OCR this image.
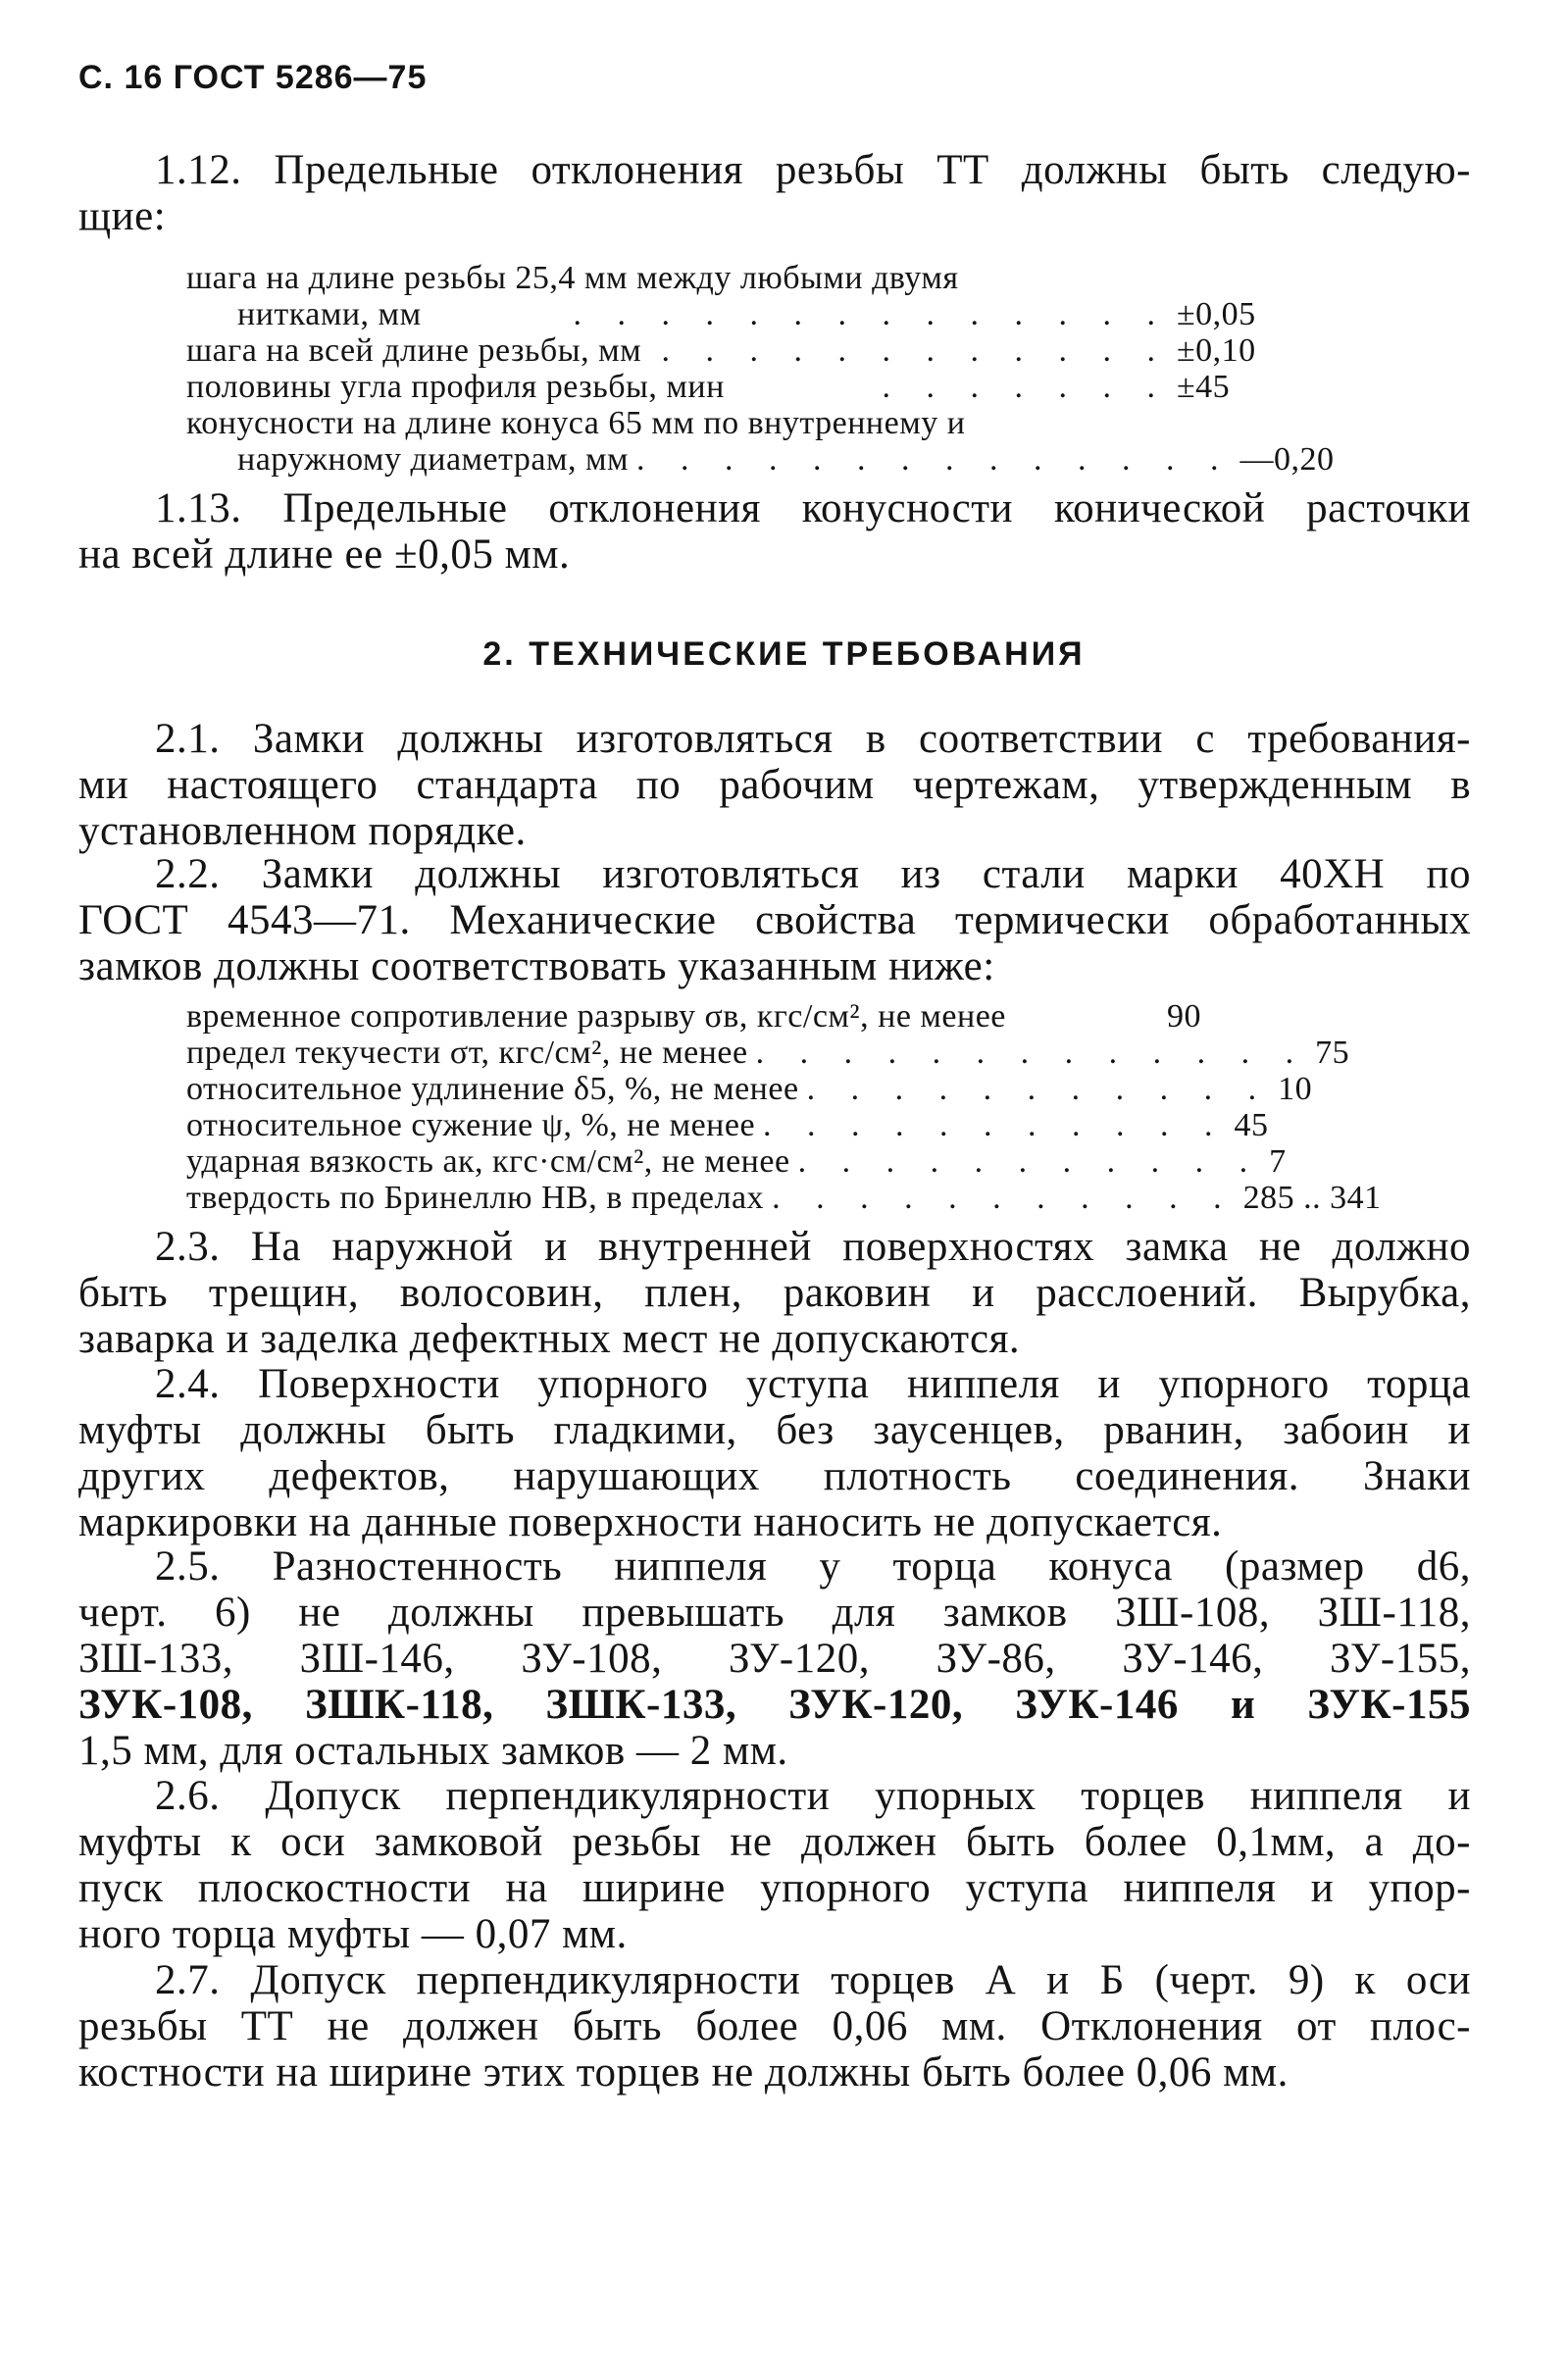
С. 16 ГОСТ 5286—75
1.12. Предельные отклонения резьбы ТТ должны быть следую-
щие:
шага на длине резьбы 25,4 мм между любыми двумя
нитками, мм	. . . . . . . . . . . . . . ±0,05
шага на всей длине резьбы, мм . . . . . . . . . . . . ±0,10
половины угла профиля резьбы, мин	. . . . . . . ±45
конусности на длине конуса 65 мм по внутреннему и
наружному диаметрам, мм . . . . . . . . . . . . . . —0,20
1.13. Предельные отклонения конусности конической расточки
на всей длине ее ±0,05 мм.
2. ТЕХНИЧЕСКИЕ ТРЕБОВАНИЯ
2.1. Замки должны изготовляться в соответствии с требования-
ми настоящего стандарта по рабочим чертежам, утвержденным в
установленном порядке.
2.2. Замки должны изготовляться из стали марки 40ХН по
ГОСТ 4543—71. Механические свойства термически обработанных
замков должны соответствовать указанным ниже:
временное сопротивление разрыву σв, кгс/см², не менее	90
предел текучести σт, кгс/см², не менее . . . . . . . . . . . . . 75
относительное удлинение δ5, %, не менее . . . . . . . . . . . 10
относительное сужение ψ, %, не менее . . . . . . . . . . . 45
ударная вязкость aк, кгс·см/см², не менее . . . . . . . . . . . 7
твердость по Бринеллю НВ, в пределах . . . . . . . . . . . 285 .. 341
2.3. На наружной и внутренней поверхностях замка не должно
быть трещин, волосовин, плен, раковин и расслоений. Вырубка,
заварка и заделка дефектных мест не допускаются.
2.4. Поверхности упорного уступа ниппеля и упорного торца
муфты должны быть гладкими, без заусенцев, рванин, забоин и
других дефектов, нарушающих плотность соединения. Знаки
маркировки на данные поверхности наносить не допускается.
2.5. Разностенность ниппеля у торца конуса (размер d6,
черт. 6) не должны превышать для замков ЗШ-108, ЗШ-118,
ЗШ-133, ЗШ-146, ЗУ-108, ЗУ-120, ЗУ-86, ЗУ-146, ЗУ-155,
ЗУК-108, ЗШК-118, ЗШК-133, ЗУК-120, ЗУК-146 и ЗУК-155
1,5 мм, для остальных замков — 2 мм.
2.6. Допуск перпендикулярности упорных торцев ниппеля и
муфты к оси замковой резьбы не должен быть более 0,1мм, а до-
пуск плоскостности на ширине упорного уступа ниппеля и упор-
ного торца муфты — 0,07 мм.
2.7. Допуск перпендикулярности торцев А и Б (черт. 9) к оси
резьбы ТТ не должен быть более 0,06 мм. Отклонения от плос-
костности на ширине этих торцев не должны быть более 0,06 мм.
